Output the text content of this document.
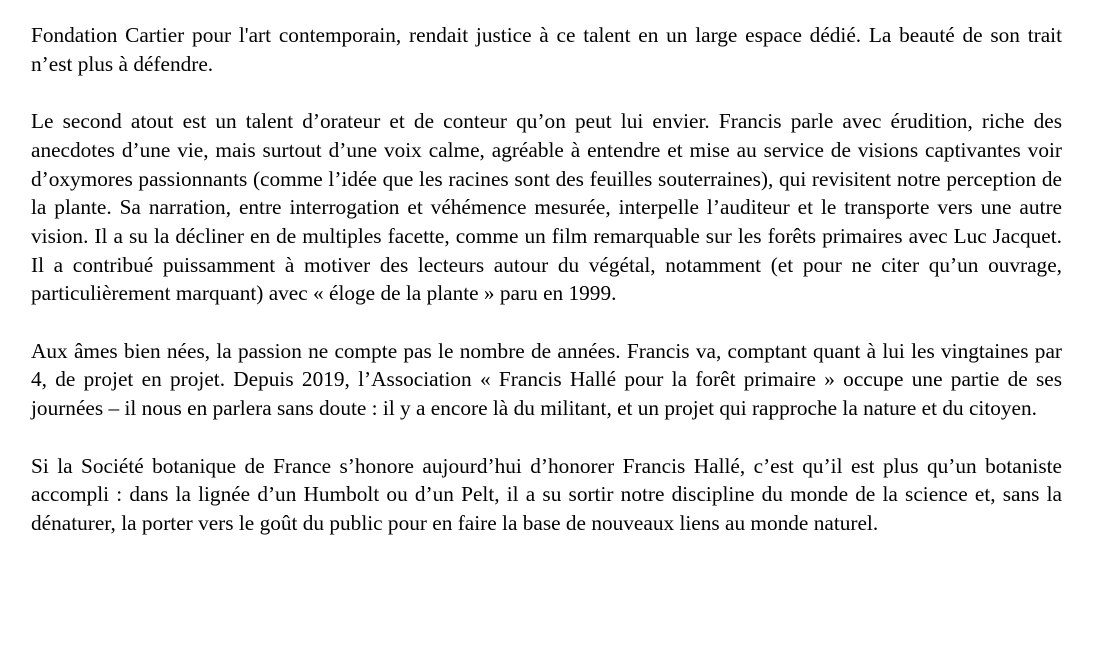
Fondation Cartier pour l'art contemporain, rendait justice à ce talent en un large espace dédié. La beauté de son trait n’est plus à défendre.

Le second atout est un talent d’orateur et de conteur qu’on peut lui envier. Francis parle avec érudition, riche des anecdotes d’une vie, mais surtout d’une voix calme, agréable à entendre et mise au service de visions captivantes voir d’oxymores passionnants (comme l’idée que les racines sont des feuilles souterraines), qui revisitent notre perception de la plante. Sa narration, entre interrogation et véhémence mesurée, interpelle l’auditeur et le transporte vers une autre vision. Il a su la décliner en de multiples facette, comme un film remarquable sur les forêts primaires avec Luc Jacquet. Il a contribué puissamment à motiver des lecteurs autour du végétal, notamment (et pour ne citer qu’un ouvrage, particulièrement marquant) avec « éloge de la plante » paru en 1999.

Aux âmes bien nées, la passion ne compte pas le nombre de années. Francis va, comptant quant à lui les vingtaines par 4, de projet en projet. Depuis 2019, l’Association « Francis Hallé pour la forêt primaire » occupe une partie de ses journées – il nous en parlera sans doute : il y a encore là du militant, et un projet qui rapproche la nature et du citoyen.

Si la Société botanique de France s’honore aujourd’hui d’honorer Francis Hallé, c’est qu’il est plus qu’un botaniste accompli : dans la lignée d’un Humbolt ou d’un Pelt, il a su sortir notre discipline du monde de la science et, sans la dénaturer, la porter vers le goût du public pour en faire la base de nouveaux liens au monde naturel.
